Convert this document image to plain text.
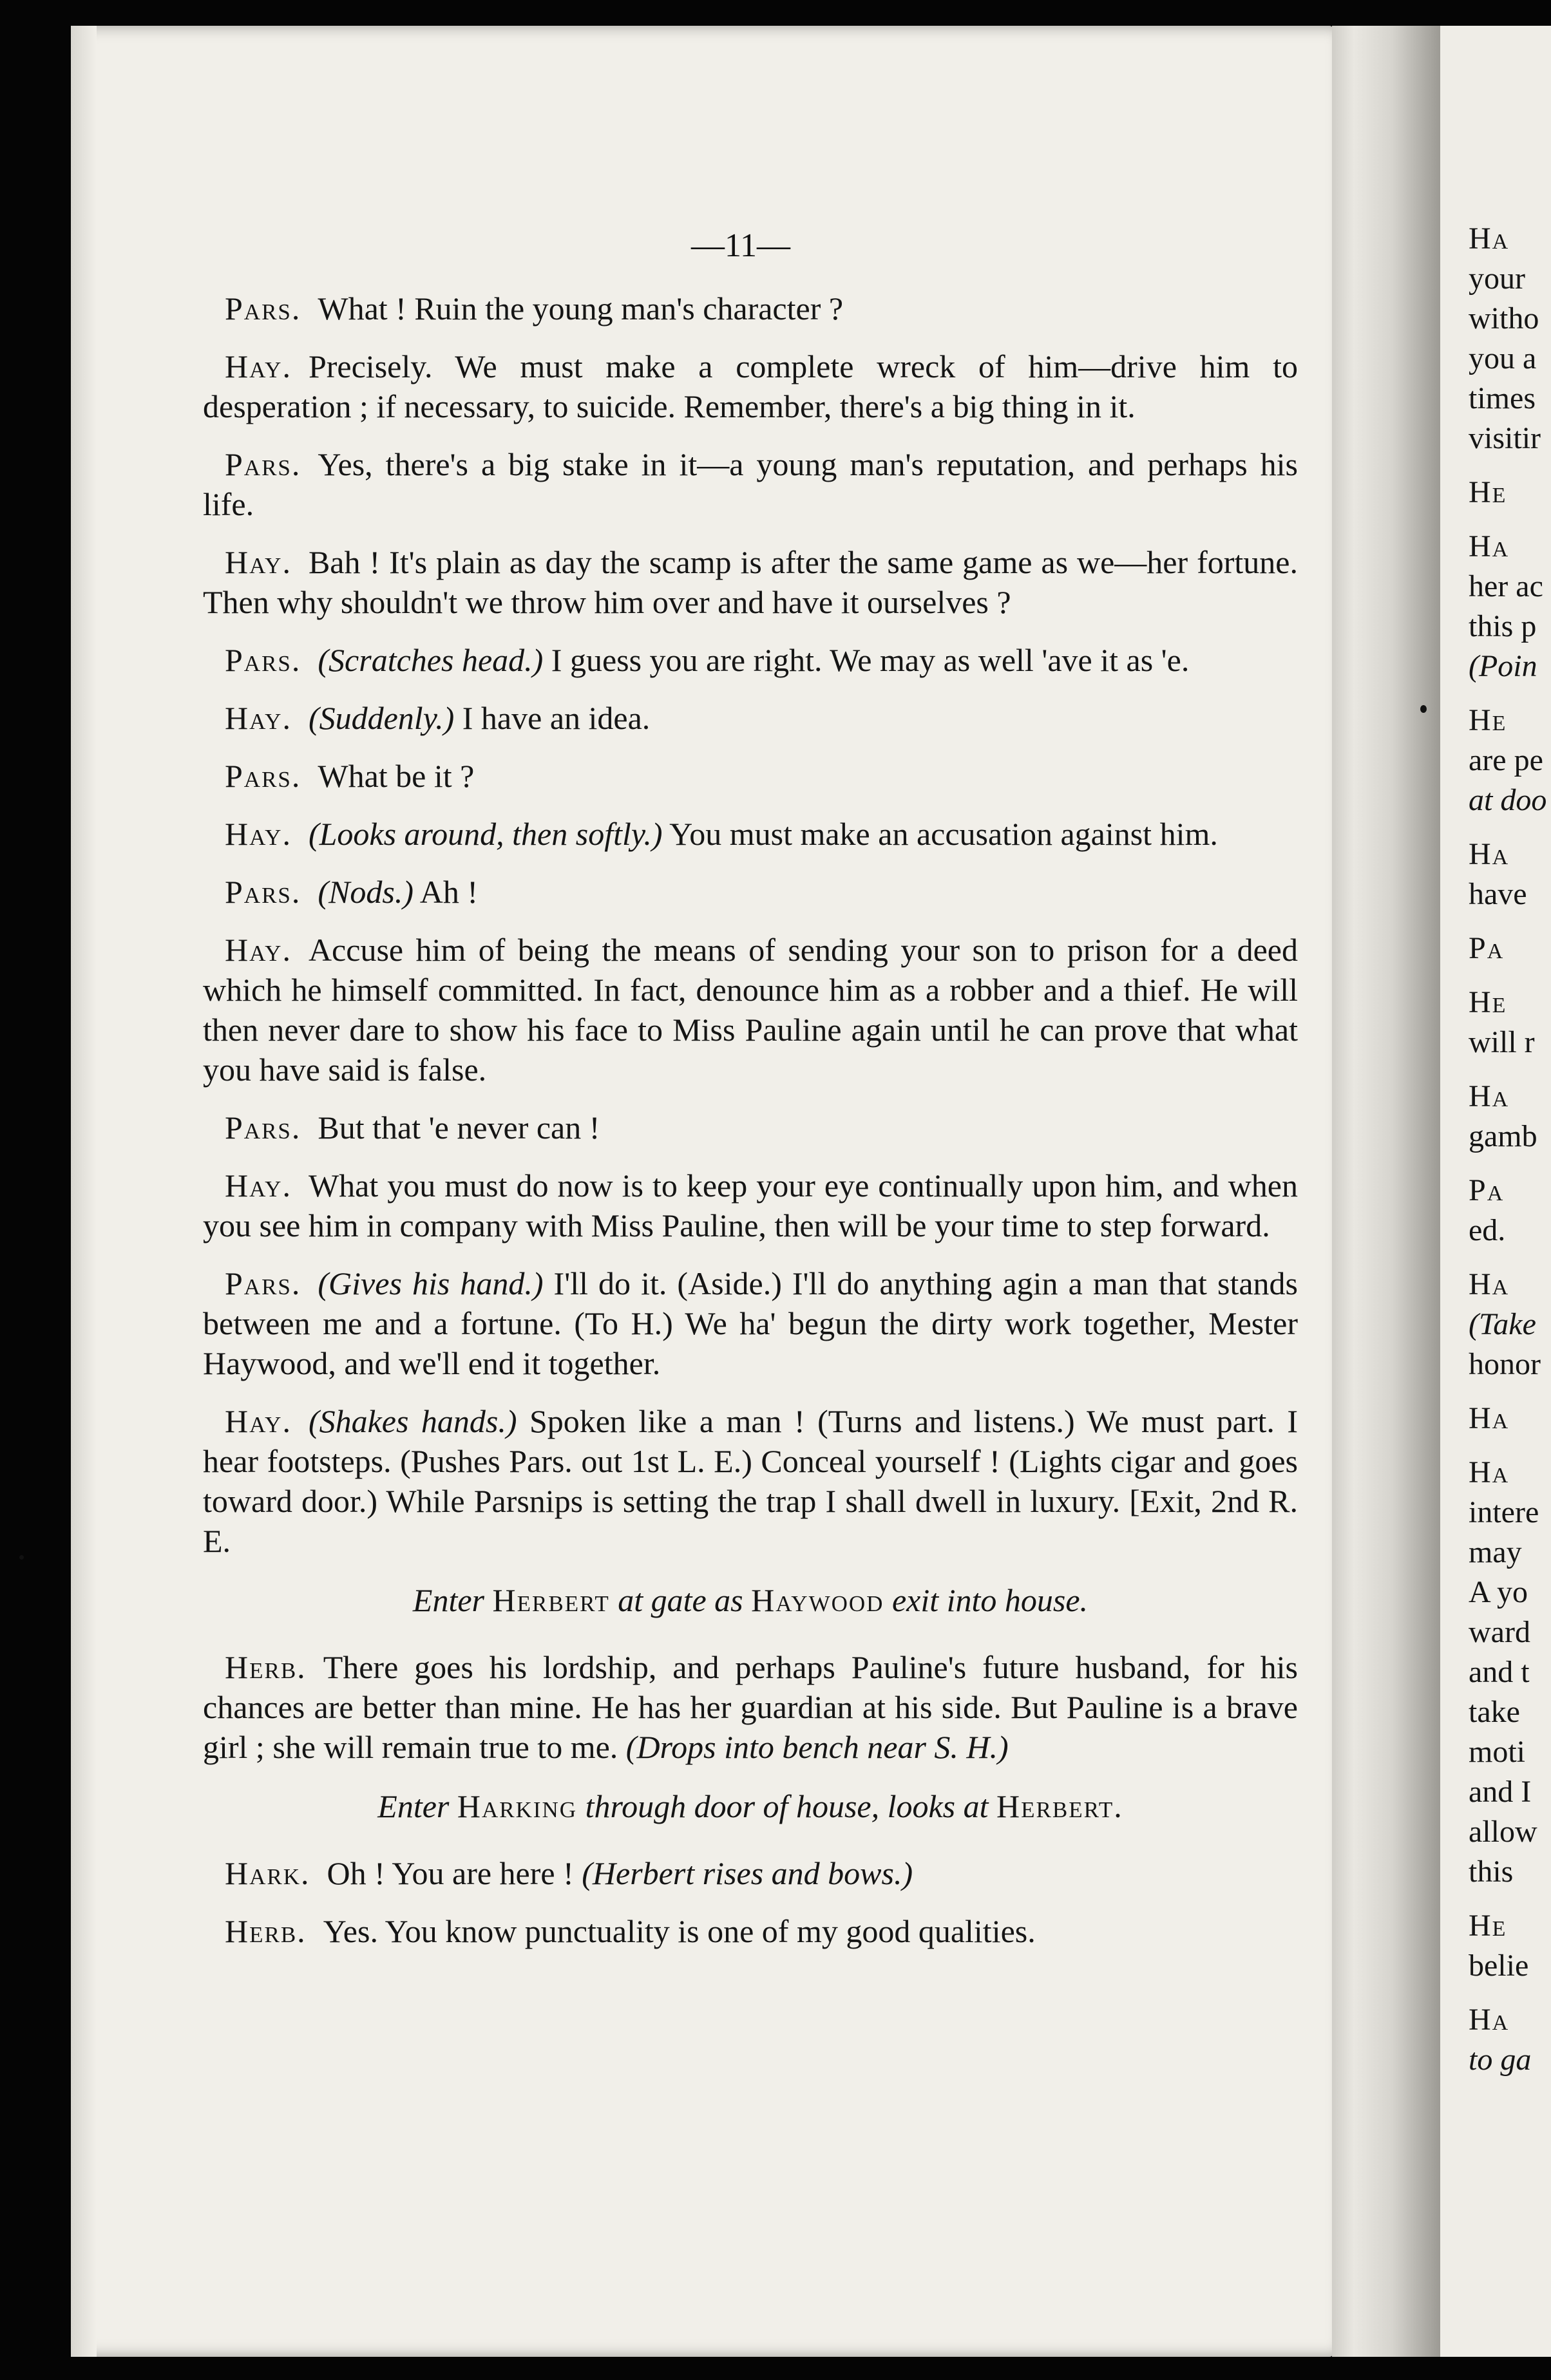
—11—

Pars. What ! Ruin the young man's character ?

Hay. Precisely. We must make a complete wreck of him—drive him to desperation ; if necessary, to suicide. Remember, there's a big thing in it.

Pars. Yes, there's a big stake in it—a young man's reputation, and perhaps his life.

Hay. Bah ! It's plain as day the scamp is after the same game as we—her fortune. Then why shouldn't we throw him over and have it ourselves ?

Pars. (Scratches head.) I guess you are right. We may as well 'ave it as 'e.

Hay. (Suddenly.) I have an idea.

Pars. What be it ?

Hay. (Looks around, then softly.) You must make an accusation against him.

Pars. (Nods.) Ah !

Hay. Accuse him of being the means of sending your son to prison for a deed which he himself committed. In fact, denounce him as a robber and a thief. He will then never dare to show his face to Miss Pauline again until he can prove that what you have said is false.

Pars. But that 'e never can !

Hay. What you must do now is to keep your eye continually upon him, and when you see him in company with Miss Pauline, then will be your time to step forward.

Pars. (Gives his hand.) I'll do it. (Aside.) I'll do anything agin a man that stands between me and a fortune. (To H.) We ha' begun the dirty work together, Mester Haywood, and we'll end it together.

Hay. (Shakes hands.) Spoken like a man ! (Turns and listens.) We must part. I hear footsteps. (Pushes Pars. out 1st L. E.) Conceal yourself ! (Lights cigar and goes toward door.) While Parsnips is setting the trap I shall dwell in luxury. [Exit, 2nd R. E.

Enter Herbert at gate as Haywood exit into house.

Herb. There goes his lordship, and perhaps Pauline's future husband, for his chances are better than mine. He has her guardian at his side. But Pauline is a brave girl ; she will remain true to me. (Drops into bench near S. H.)

Enter Harking through door of house, looks at Herbert.

Hark. Oh ! You are here ! (Herbert rises and bows.)

Herb. Yes. You know punctuality is one of my good qualities.

Ha
your
witho
you a
times
visitir
He
Ha
her ac
this p
(Poin
He
are pe
at doo
Ha
have
Pa
He
will r
Ha
gamb
Pa
ed.
Ha
(Take
honor
Ha
Ha
intere
may
A yo
ward
and t
take
moti
and I
allow
this
He
belie
Ha
to ga
